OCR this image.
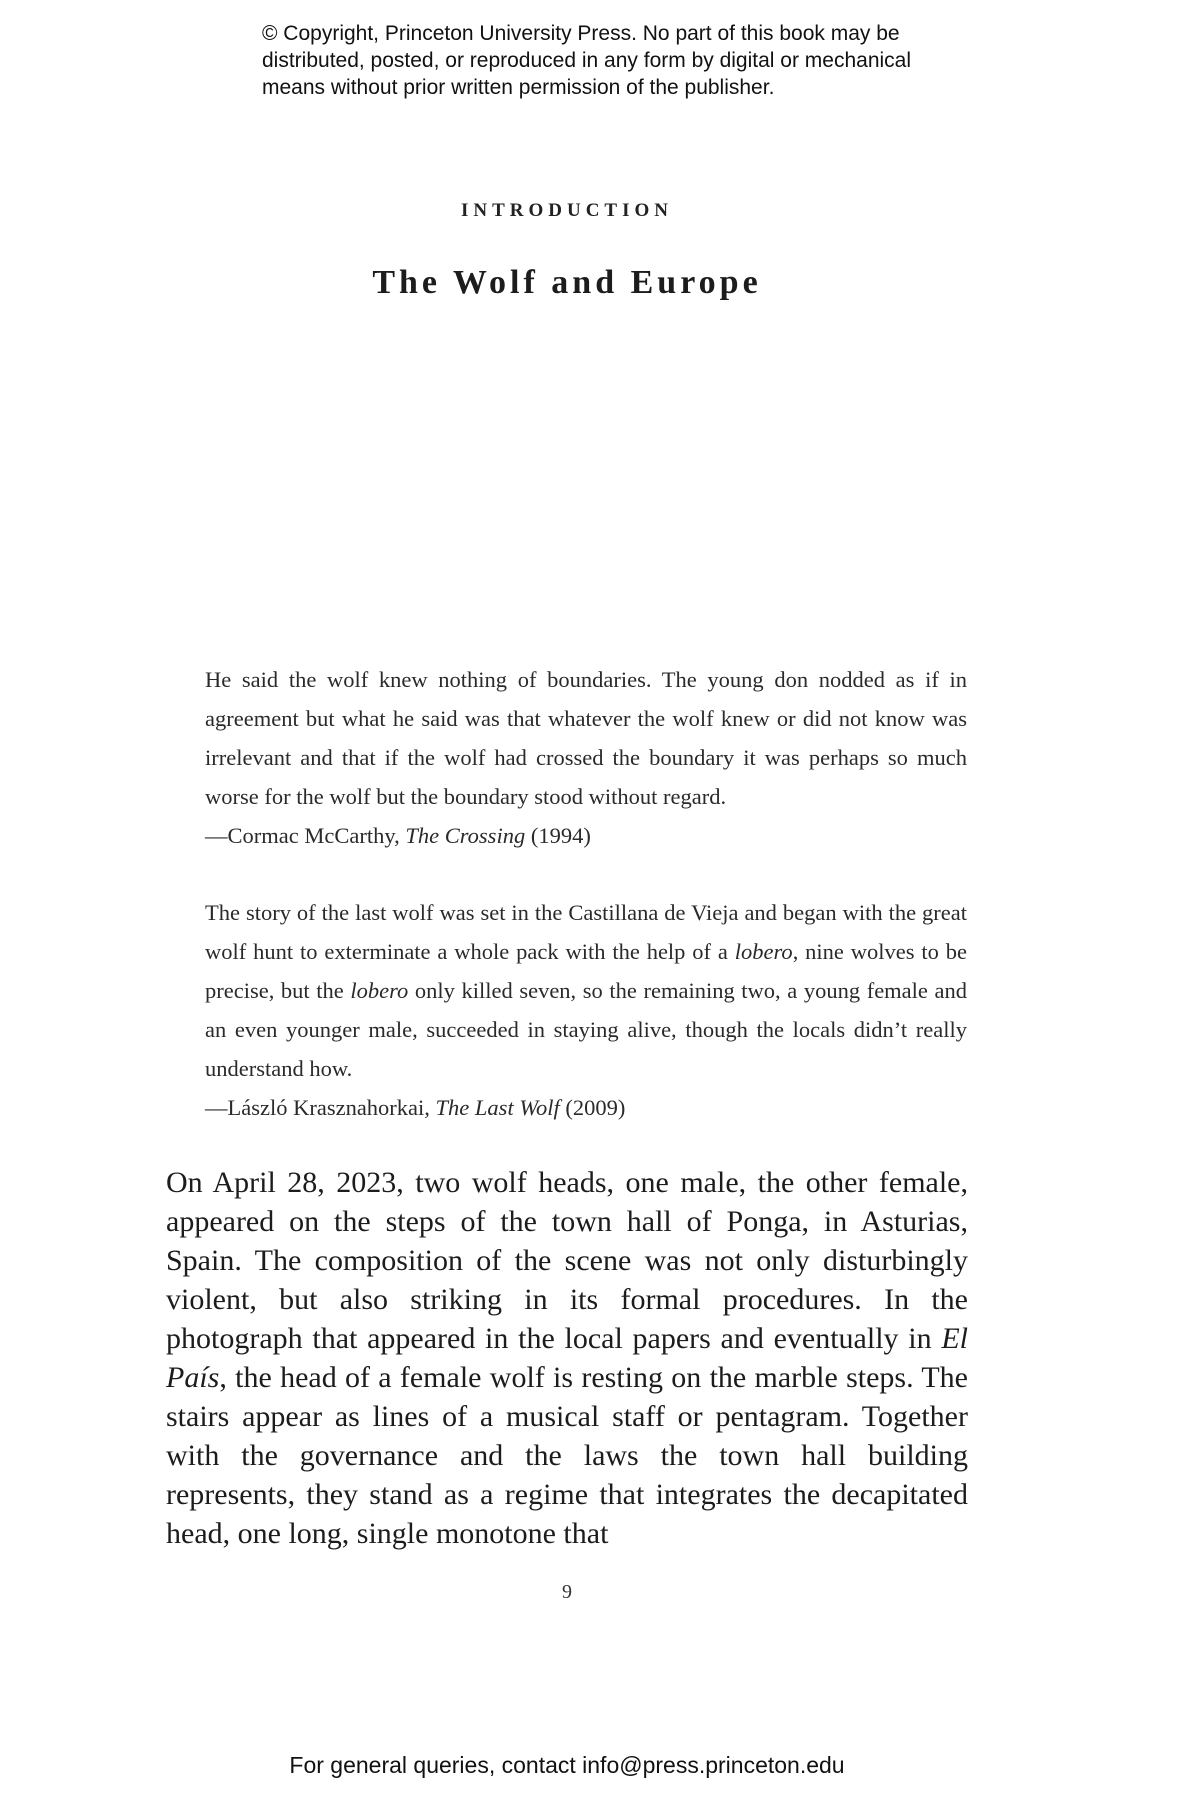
© Copyright, Princeton University Press. No part of this book may be

distributed, posted, or reproduced in any form by digital or mechanical

means without prior written permission of the publisher.

INTRODUCTION
The Wolf and Europe

He said the wolf knew nothing of boundaries. The young don nodded as if in agreement but what he said was that whatever the wolf knew or did not know was irrelevant and that if the wolf had crossed the boundary it was perhaps so much worse for the wolf but the boundary stood without regard.

—Cormac McCarthy, The Crossing (1994)

The story of the last wolf was set in the Castillana de Vieja and began with the great wolf hunt to exterminate a whole pack with the help of a lobero, nine wolves to be precise, but the lobero only killed seven, so the remaining two, a young female and an even younger male, succeeded in staying alive, though the locals didn’t really understand how.

—László Krasznahorkai, The Last Wolf (2009)

On April 28, 2023, two wolf heads, one male, the other female, appeared on the steps of the town hall of Ponga, in Asturias, Spain. The composition of the scene was not only disturbingly violent, but also striking in its formal procedures. In the photograph that appeared in the local papers and eventually in El País, the head of a female wolf is resting on the marble steps. The stairs appear as lines of a musical staff or pentagram. Together with the governance and the laws the town hall building represents, they stand as a regime that integrates the decapitated head, one long, single monotone that

9
For general queries, contact info@press.princeton.edu
